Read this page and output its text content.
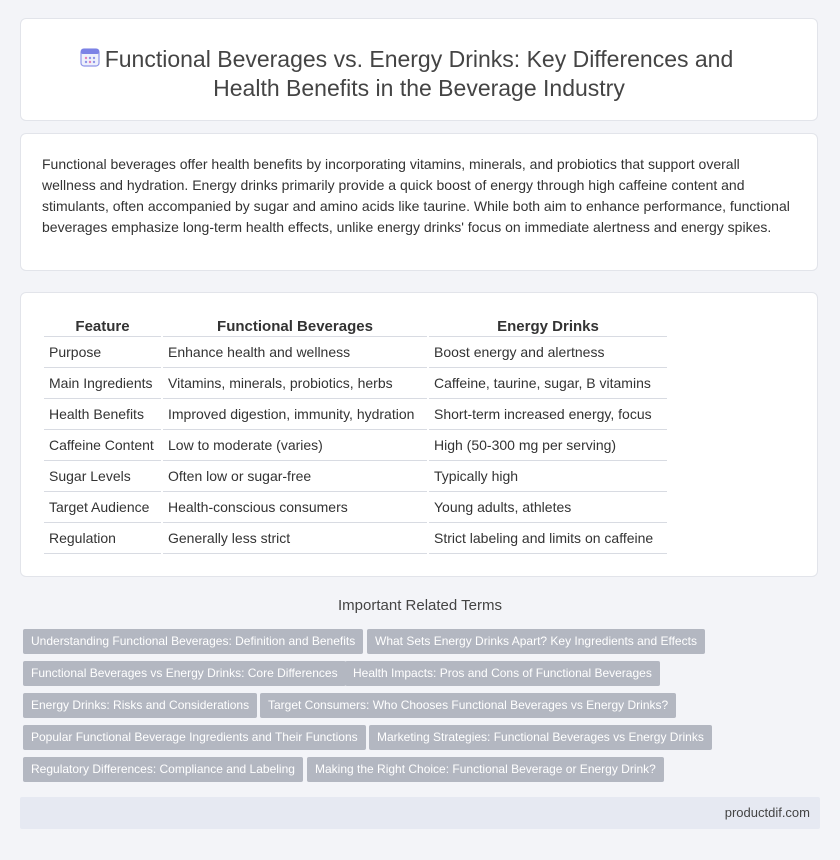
Functional Beverages vs. Energy Drinks: Key Differences and
Health Benefits in the Beverage Industry

Functional beverages offer health benefits by incorporating vitamins, minerals, and probiotics that support overall wellness and hydration. Energy drinks primarily provide a quick boost of energy through high caffeine content and stimulants, often accompanied by sugar and amino acids like taurine. While both aim to enhance performance, functional beverages emphasize long-term health effects, unlike energy drinks' focus on immediate alertness and energy spikes.

Feature	Functional Beverages	Energy Drinks
Purpose	Enhance health and wellness	Boost energy and alertness
Main Ingredients	Vitamins, minerals, probiotics, herbs	Caffeine, taurine, sugar, B vitamins
Health Benefits	Improved digestion, immunity, hydration	Short-term increased energy, focus
Caffeine Content	Low to moderate (varies)	High (50-300 mg per serving)
Sugar Levels	Often low or sugar-free	Typically high
Target Audience	Health-conscious consumers	Young adults, athletes
Regulation	Generally less strict	Strict labeling and limits on caffeine
Important Related Terms
Understanding Functional Beverages: Definition and Benefits	What Sets Energy Drinks Apart? Key Ingredients and Effects
Functional Beverages vs Energy Drinks: Core Differences	Health Impacts: Pros and Cons of Functional Beverages
Energy Drinks: Risks and Considerations	Target Consumers: Who Chooses Functional Beverages vs Energy Drinks?
Popular Functional Beverage Ingredients and Their Functions	Marketing Strategies: Functional Beverages vs Energy Drinks
Regulatory Differences: Compliance and Labeling	Making the Right Choice: Functional Beverage or Energy Drink?
productdif.com
